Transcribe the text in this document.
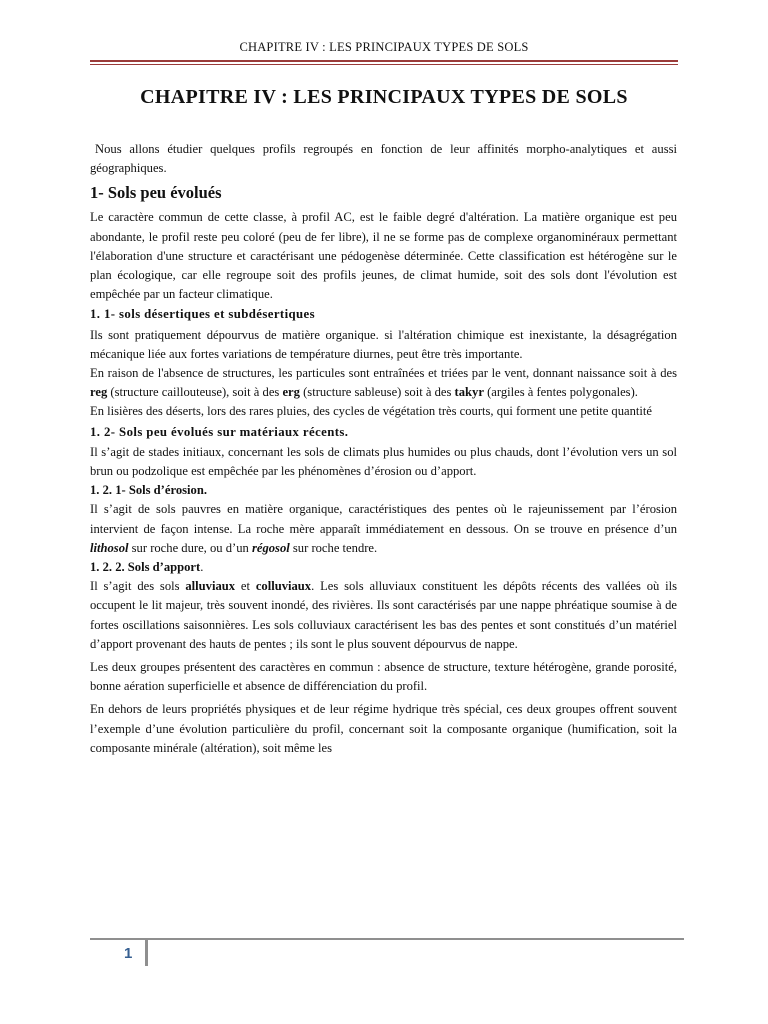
CHAPITRE IV : LES PRINCIPAUX TYPES DE SOLS
CHAPITRE IV : LES PRINCIPAUX TYPES DE SOLS

Nous allons étudier quelques profils regroupés en fonction de leur affinités morpho-analytiques et aussi géographiques.

1- Sols peu évolués

Le caractère commun de cette classe, à profil AC, est le faible degré d'altération. La matière organique est peu abondante, le profil reste peu coloré (peu de fer libre), il ne se forme pas de complexe organominéraux permettant l'élaboration d'une structure et caractérisant une pédogenèse déterminée. Cette classification est hétérogène sur le plan écologique, car elle regroupe soit des profils jeunes, de climat humide, soit des sols dont l'évolution est empêchée par un facteur climatique.

1. 1- sols désertiques et subdésertiques

Ils sont pratiquement dépourvus de matière organique. si l'altération chimique est inexistante, la désagrégation mécanique liée aux fortes variations de température diurnes, peut être très importante.

En raison de l'absence de structures, les particules sont entraînées et triées par le vent, donnant naissance soit à des reg (structure caillouteuse), soit à des erg (structure sableuse) soit à des takyr (argiles à fentes polygonales).

En lisières des déserts, lors des rares pluies, des cycles de végétation très courts, qui forment une petite quantité

1. 2- Sols peu évolués sur matériaux récents.

Il s’agit de stades initiaux, concernant les sols de climats plus humides ou plus chauds, dont l’évolution vers un sol brun ou podzolique est empêchée par les phénomènes d’érosion ou d’apport.

1. 2. 1- Sols d’érosion.

Il s’agit de sols pauvres en matière organique, caractéristiques des pentes où le rajeunissement par l’érosion intervient de façon intense. La roche mère apparaît immédiatement en dessous. On se trouve en présence d’un lithosol sur roche dure, ou d’un régosol sur roche tendre.

1. 2. 2. Sols d’apport.

Il s’agit des sols alluviaux et colluviaux. Les sols alluviaux constituent les dépôts récents des vallées où ils occupent le lit majeur, très souvent inondé, des rivières. Ils sont caractérisés par une nappe phréatique soumise à de fortes oscillations saisonnières. Les sols colluviaux caractérisent les bas des pentes et sont constitués d’un matériel d’apport provenant des hauts de pentes ; ils sont le plus souvent dépourvus de nappe.

Les deux groupes présentent des caractères en commun : absence de structure, texture hétérogène, grande porosité, bonne aération superficielle et absence de différenciation du profil.

En dehors de leurs propriétés physiques et de leur régime hydrique très spécial, ces deux groupes offrent souvent l’exemple d’une évolution particulière du profil, concernant soit la composante organique (humification, soit la composante minérale (altération), soit même les

1
